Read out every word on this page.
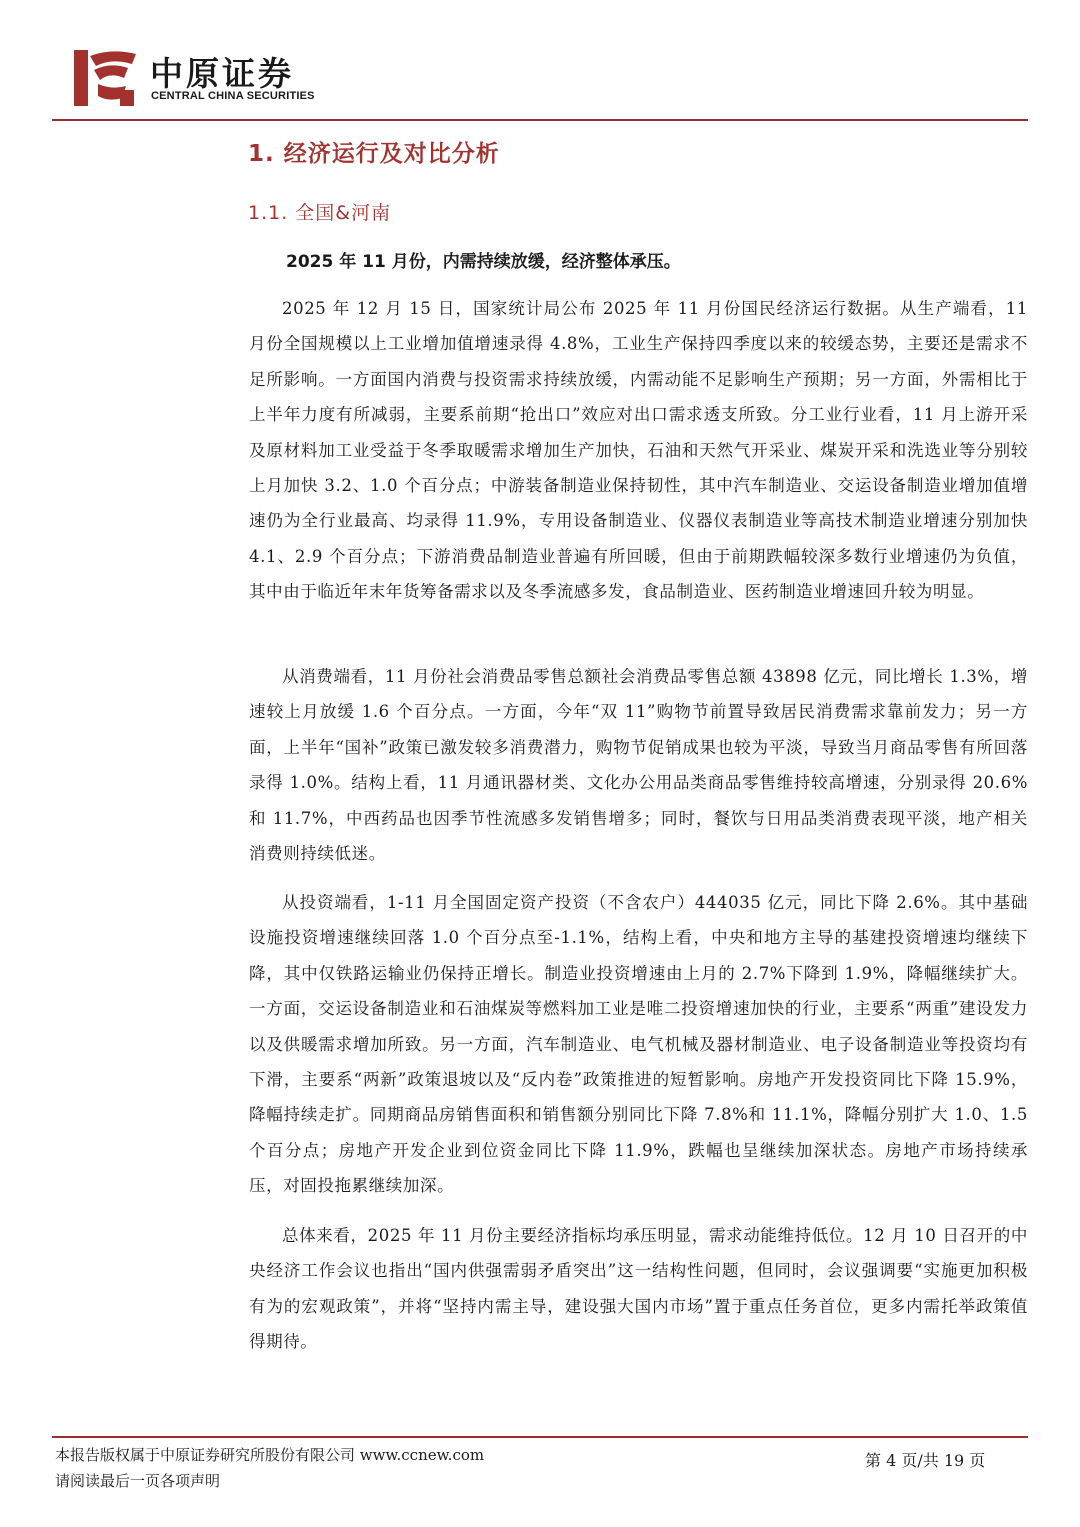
中原证券
CENTRAL CHINA SECURITIES
1. 经济运行及对比分析
1.1. 全国&河南
2025 年 11 月份，内需持续放缓，经济整体承压。

2025 年 12 月 15 日，国家统计局公布 2025 年 11 月份国民经济运行数据。从生产端看，11 月份全国规模以上工业增加值增速录得 4.8%，工业生产保持四季度以来的较缓态势，主要还是需求不足所影响。一方面国内消费与投资需求持续放缓，内需动能不足影响生产预期；另一方面，外需相比于上半年力度有所减弱，主要系前期“抢出口”效应对出口需求透支所致。分工业行业看，11 月上游开采及原材料加工业受益于冬季取暖需求增加生产加快，石油和天然气开采业、煤炭开采和洗选业等分别较上月加快 3.2、1.0 个百分点；中游装备制造业保持韧性，其中汽车制造业、交运设备制造业增加值增速仍为全行业最高、均录得 11.9%，专用设备制造业、仪器仪表制造业等高技术制造业增速分别加快 4.1、2.9 个百分点；下游消费品制造业普遍有所回暖，但由于前期跌幅较深多数行业增速仍为负值，其中由于临近年末年货筹备需求以及冬季流感多发，食品制造业、医药制造业增速回升较为明显。

从消费端看，11 月份社会消费品零售总额社会消费品零售总额 43898 亿元，同比增长 1.3%，增速较上月放缓 1.6 个百分点。一方面，今年“双 11”购物节前置导致居民消费需求靠前发力；另一方面，上半年“国补”政策已激发较多消费潜力，购物节促销成果也较为平淡，导致当月商品零售有所回落录得 1.0%。结构上看，11 月通讯器材类、文化办公用品类商品零售维持较高增速，分别录得 20.6%和 11.7%，中西药品也因季节性流感多发销售增多；同时，餐饮与日用品类消费表现平淡，地产相关消费则持续低迷。

从投资端看，1-11 月全国固定资产投资（不含农户）444035 亿元，同比下降 2.6%。其中基础设施投资增速继续回落 1.0 个百分点至-1.1%，结构上看，中央和地方主导的基建投资增速均继续下降，其中仅铁路运输业仍保持正增长。制造业投资增速由上月的 2.7%下降到 1.9%，降幅继续扩大。一方面，交运设备制造业和石油煤炭等燃料加工业是唯二投资增速加快的行业，主要系“两重”建设发力以及供暖需求增加所致。另一方面，汽车制造业、电气机械及器材制造业、电子设备制造业等投资均有下滑，主要系“两新”政策退坡以及“反内卷”政策推进的短暂影响。房地产开发投资同比下降 15.9%，降幅持续走扩。同期商品房销售面积和销售额分别同比下降 7.8%和 11.1%，降幅分别扩大 1.0、1.5 个百分点；房地产开发企业到位资金同比下降 11.9%，跌幅也呈继续加深状态。房地产市场持续承压，对固投拖累继续加深。

总体来看，2025 年 11 月份主要经济指标均承压明显，需求动能维持低位。12 月 10 日召开的中央经济工作会议也指出“国内供强需弱矛盾突出”这一结构性问题，但同时，会议强调要“实施更加积极有为的宏观政策”，并将“坚持内需主导，建设强大国内市场”置于重点任务首位，更多内需托举政策值得期待。

本报告版权属于中原证券研究所股份有限公司 www.ccnew.com
请阅读最后一页各项声明
第 4 页/共 19 页
